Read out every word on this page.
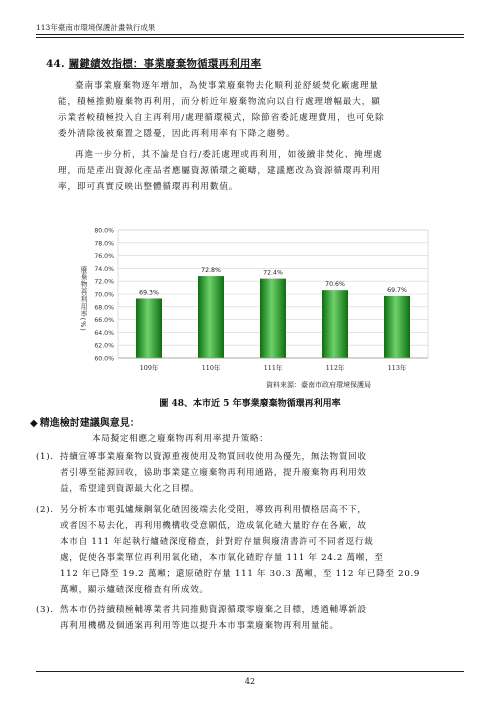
113年臺南市環境保護計畫執行成果
44. 關鍵績效指標：事業廢棄物循環再利用率
臺南事業廢棄物逐年增加，為使事業廢棄物去化順利並舒緩焚化廠處理量
能，積極推動廢棄物再利用，而分析近年廢棄物流向以自行處理增幅最大，顯
示業者較積極投入自主再利用/處理循環模式，除節省委託處理費用，也可免除
委外清除後被棄置之隱憂，因此再利用率有下降之趨勢。
再進一步分析，其不論是自行/委託處理或再利用，如後續非焚化、掩埋處
理，而是產出資源化產品者應屬資源循環之範疇，建議應改為資源循環再利用
率，即可真實反映出整體循環再利用數值。
60.0%
62.0%
64.0%
66.0%
68.0%
70.0%
72.0%
74.0%
76.0%
78.0%
80.0%
廢棄物再利用率(%)	69.3%
109年
72.8%
110年
72.4%
111年
70.6%
112年
69.7%
113年
資料來源：臺南市政府環境保護局
圖 48、本市近 5 年事業廢棄物循環再利用率
◆ 精進檢討建議與意見：
本局擬定相應之廢棄物再利用率提升策略：
(1). 持續宣導事業廢棄物以資源重複使用及物質回收使用為優先，無法物質回收
者引導至能源回收，協助事業建立廢棄物再利用通路，提升廢棄物再利用效
益，希望達到資源最大化之目標。
(2). 另分析本市電弧爐煉鋼氧化碴因後端去化受阻，導致再利用價格居高不下，
或者因不易去化，再利用機構收受意願低，造成氧化碴大量貯存在各廠，故
本市自 111 年起執行爐碴深度稽查，針對貯存量與廢清書許可不同者逕行裁
處，促使各事業單位再利用氧化碴，本市氧化碴貯存量 111 年 24.2 萬噸，至
112 年已降至 19.2 萬噸；還原碴貯存量 111 年 30.3 萬噸，至 112 年已降至 20.9
萬噸，顯示爐碴深度稽查有所成效。
(3). 然本市仍持續積極輔導業者共同推動資源循環零廢棄之目標，透過輔導新設
再利用機構及個通案再利用等進以提升本市事業廢棄物再利用量能。
42
